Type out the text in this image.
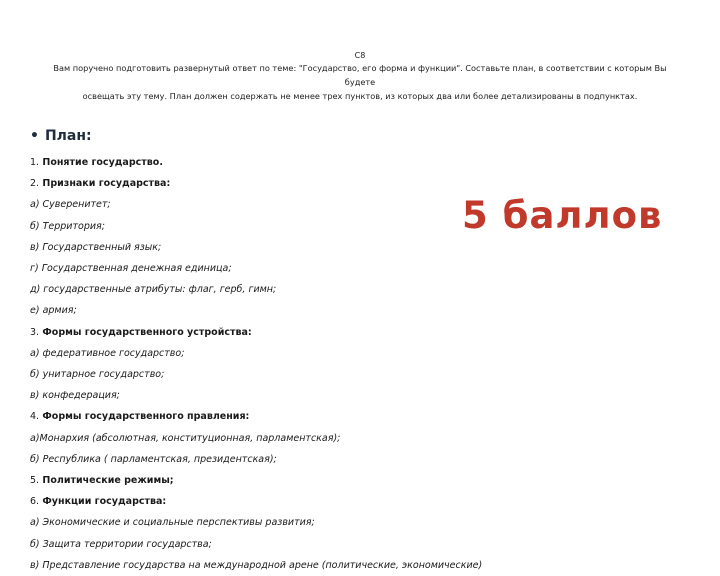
С8
Вам поручено подготовить развернутый ответ по теме: "Государство, его форма и функции". Составьте план, в соответствии с которым Вы будете
освещать эту тему. План должен содержать не менее трех пунктов, из которых два или более детализированы в подпунктах.
• План:
1. Понятие государство.
2. Признаки государства:
а) Суверенитет;
б) Территория;
в) Государственный язык;
г) Государственная денежная единица;
д) государственные атрибуты: флаг, герб, гимн;
е) армия;
3. Формы государственного устройства:
а) федеративное государство;
б) унитарное государство;
в) конфедерация;
4. Формы государственного правления:
а)Монархия (абсолютная, конституционная, парламентская);
б) Республика ( парламентская, президентская);
5. Политические режимы;
6. Функции государства:
а) Экономические и социальные перспективы развития;
б) Защита территории государства;
в) Представление государства на международной арене (политические, экономические)
5 баллов
